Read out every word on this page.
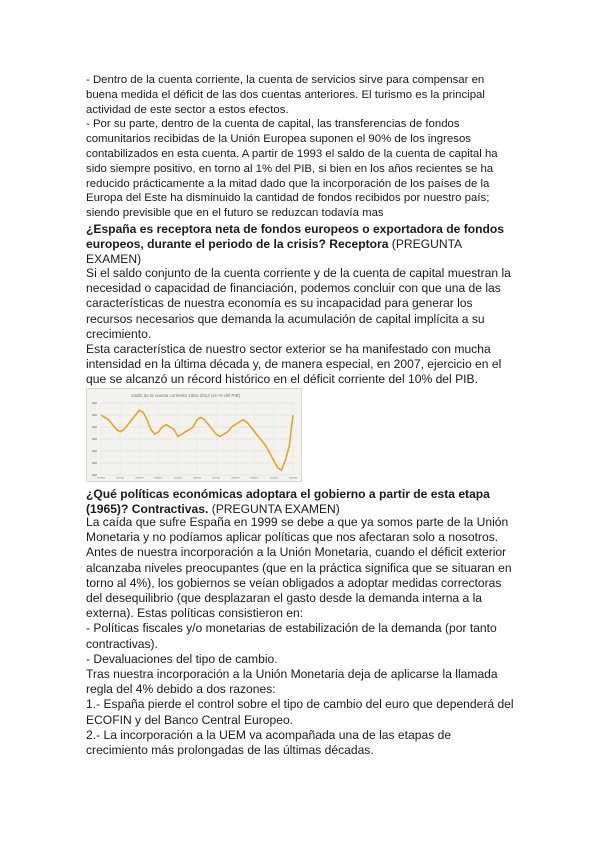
- Dentro de la cuenta corriente, la cuenta de servicios sirve para compensar en buena medida el déficit de las dos cuentas anteriores. El turismo es la principal actividad de este sector a estos efectos.

- Por su parte, dentro de la cuenta de capital, las transferencias de fondos comunitarios recibidas de la Unión Europea suponen el 90% de los ingresos contabilizados en esta cuenta. A partir de 1993 el saldo de la cuenta de capital ha sido siempre positivo, en torno al 1% del PIB, si bien en los años recientes se ha reducido prácticamente a la mitad dado que la incorporación de los países de la Europa del Este ha disminuido la cantidad de fondos recibidos por nuestro país; siendo previsible que en el futuro se reduzcan todavía mas

¿España es receptora neta de fondos europeos o exportadora de fondos europeos, durante el periodo de la crisis? Receptora (PREGUNTA EXAMEN)

Si el saldo conjunto de la cuenta corriente y de la cuenta de capital muestran la necesidad o capacidad de financiación, podemos concluir con que una de las características de nuestra economía es su incapacidad para generar los recursos necesarios que demanda la acumulación de capital implícita a su crecimiento.

Esta característica de nuestro sector exterior se ha manifestado con mucha intensidad en la última década y, de manera especial, en 2007, ejercicio en el que se alcanzó un récord histórico en el déficit corriente del 10% del PIB.

Saldo de la cuenta corriente 1961-2014 (en % del PIB)

¿Qué políticas económicas adoptara el gobierno a partir de esta etapa (1965)? Contractivas. (PREGUNTA EXAMEN)

La caída que sufre España en 1999 se debe a que ya somos parte de la Unión Monetaria y no podíamos aplicar políticas que nos afectaran solo a nosotros.

Antes de nuestra incorporación a la Unión Monetaria, cuando el déficit exterior alcanzaba niveles preocupantes (que en la práctica significa que se situaran en torno al 4%), los gobiernos se veían obligados a adoptar medidas correctoras del desequilibrio (que desplazaran el gasto desde la demanda interna a la externa). Estas políticas consistieron en:

- Políticas fiscales y/o monetarias de estabilización de la demanda (por tanto contractivas).

- Devaluaciones del tipo de cambio.

Tras nuestra incorporación a la Unión Monetaria deja de aplicarse la llamada regla del 4% debido a dos razones:

1.- España pierde el control sobre el tipo de cambio del euro que dependerá del ECOFIN y del Banco Central Europeo.

2.- La incorporación a la UEM va acompañada una de las etapas de crecimiento más prolongadas de las últimas décadas.
